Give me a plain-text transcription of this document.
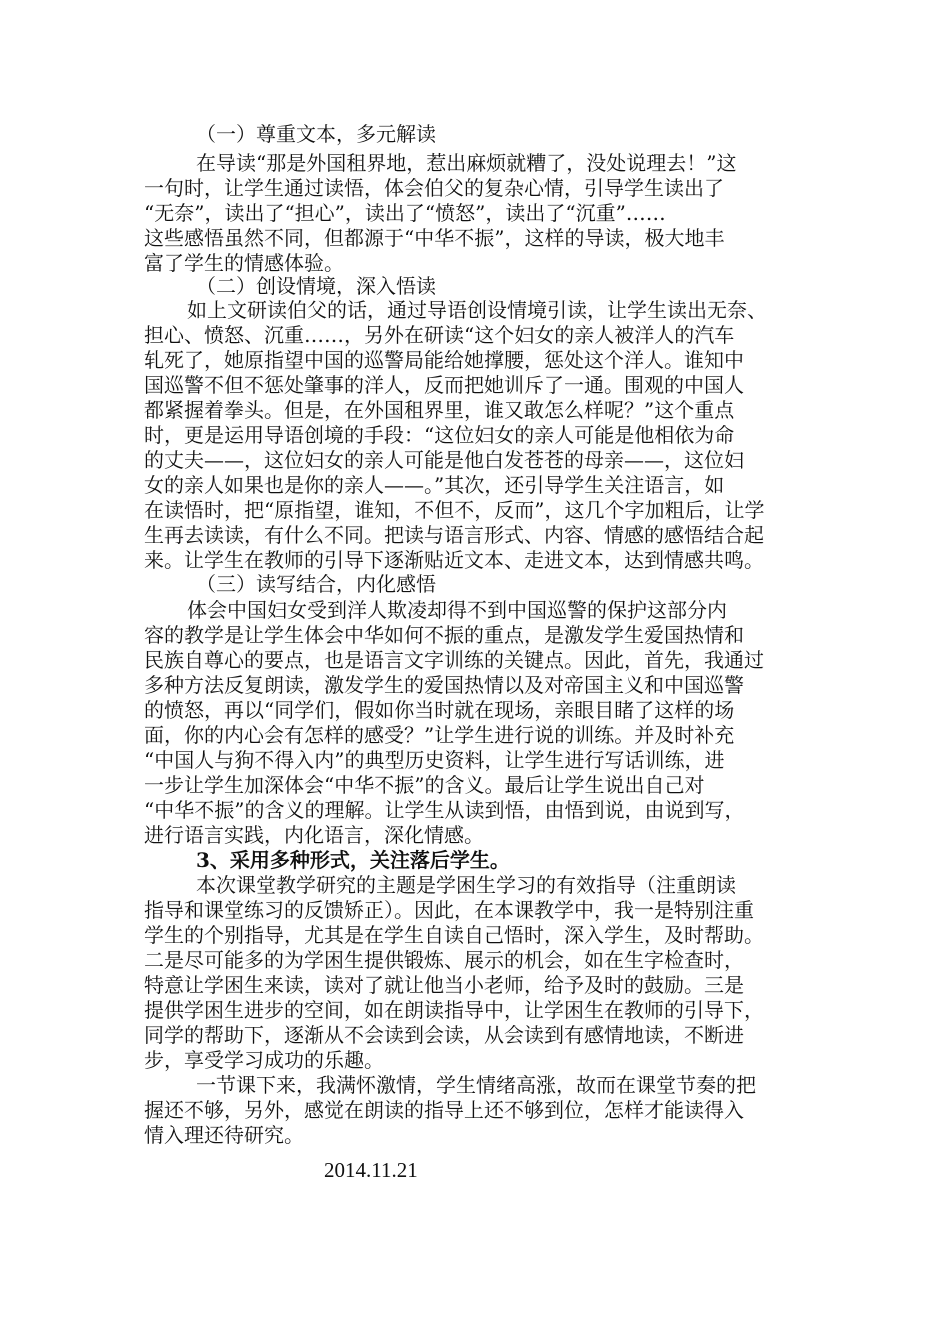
（一）尊重文本，多元解读
在导读“那是外国租界地，惹出麻烦就糟了，没处说理去！”这
一句时，让学生通过读悟，体会伯父的复杂心情，引导学生读出了
“无奈”，读出了“担心”，读出了“愤怒”，读出了“沉重”……
这些感悟虽然不同，但都源于“中华不振”，这样的导读，极大地丰
富了学生的情感体验。
（二）创设情境，深入悟读
如上文研读伯父的话，通过导语创设情境引读，让学生读出无奈、
担心、愤怒、沉重……，另外在研读“这个妇女的亲人被洋人的汽车
轧死了，她原指望中国的巡警局能给她撑腰，惩处这个洋人。谁知中
国巡警不但不惩处肇事的洋人，反而把她训斥了一通。围观的中国人
都紧握着拳头。但是，在外国租界里，谁又敢怎么样呢？”这个重点
时，更是运用导语创境的手段：“这位妇女的亲人可能是他相依为命
的丈夫——，这位妇女的亲人可能是他白发苍苍的母亲——，这位妇
女的亲人如果也是你的亲人——。”其次，还引导学生关注语言，如
在读悟时，把“原指望，谁知，不但不，反而”，这几个字加粗后，让学
生再去读读，有什么不同。把读与语言形式、内容、情感的感悟结合起
来。让学生在教师的引导下逐渐贴近文本、走进文本，达到情感共鸣。
（三）读写结合，内化感悟
体会中国妇女受到洋人欺凌却得不到中国巡警的保护这部分内
容的教学是让学生体会中华如何不振的重点，是激发学生爱国热情和
民族自尊心的要点，也是语言文字训练的关键点。因此，首先，我通过
多种方法反复朗读，激发学生的爱国热情以及对帝国主义和中国巡警
的愤怒，再以“同学们，假如你当时就在现场，亲眼目睹了这样的场
面，你的内心会有怎样的感受？”让学生进行说的训练。并及时补充
“中国人与狗不得入内”的典型历史资料，让学生进行写话训练，进
一步让学生加深体会“中华不振”的含义。最后让学生说出自己对
“中华不振”的含义的理解。让学生从读到悟，由悟到说，由说到写，
进行语言实践，内化语言，深化情感。
3、采用多种形式，关注落后学生。
本次课堂教学研究的主题是学困生学习的有效指导（注重朗读
指导和课堂练习的反馈矫正）。因此，在本课教学中，我一是特别注重
学生的个别指导，尤其是在学生自读自己悟时，深入学生，及时帮助。
二是尽可能多的为学困生提供锻炼、展示的机会，如在生字检查时，
特意让学困生来读，读对了就让他当小老师，给予及时的鼓励。三是
提供学困生进步的空间，如在朗读指导中，让学困生在教师的引导下，
同学的帮助下，逐渐从不会读到会读，从会读到有感情地读，不断进
步，享受学习成功的乐趣。
一节课下来，我满怀激情，学生情绪高涨，故而在课堂节奏的把
握还不够，另外，感觉在朗读的指导上还不够到位，怎样才能读得入
情入理还待研究。
2014.11.21
